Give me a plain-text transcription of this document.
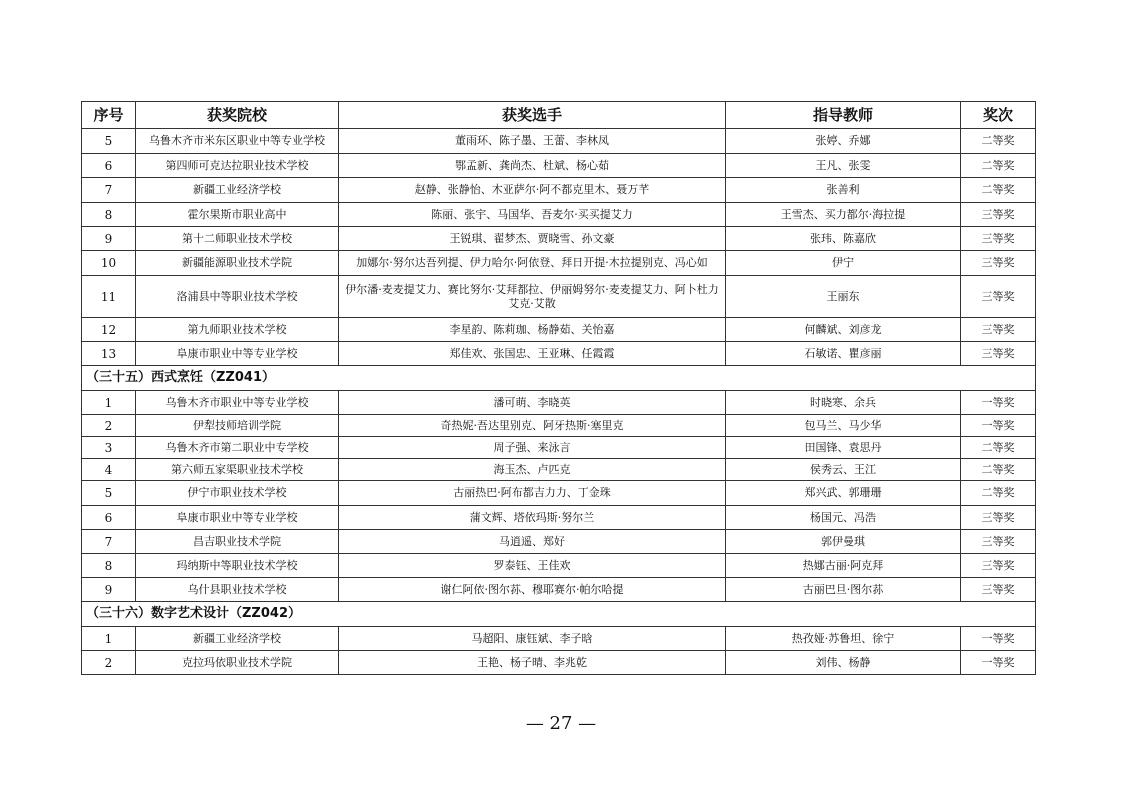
序号	获奖院校	获奖选手	指导教师	奖次
5	乌鲁木齐市米东区职业中等专业学校	董雨环、陈子墨、王蕾、李林凤	张婷、乔娜	二等奖
6	第四师可克达拉职业技术学校	鄂孟新、龚尚杰、杜斌、杨心茹	王凡、张雯	二等奖
7	新疆工业经济学校	赵静、张静怡、木亚萨尔·阿不都克里木、聂万芊	张善利	二等奖
8	霍尔果斯市职业高中	陈丽、张宇、马国华、吾麦尔·买买提艾力	王雪杰、买力都尔·海拉提	三等奖
9	第十二师职业技术学校	王锐琪、翟梦杰、贾晓雪、孙文豪	张玮、陈嘉欣	三等奖
10	新疆能源职业技术学院	加娜尔·努尔达吾列提、伊力哈尔·阿依登、拜日开提·木拉提别克、冯心如	伊宁	三等奖
11	洛浦县中等职业技术学校	伊尔潘·麦麦提艾力、赛比努尔·艾拜都拉、伊丽姆努尔·麦麦提艾力、阿卜杜力艾克·艾散	王丽东	三等奖
12	第九师职业技术学校	李星韵、陈莉珈、杨静茹、关怡嘉	何麟斌、刘彦龙	三等奖
13	阜康市职业中等专业学校	郑佳欢、张国忠、王亚琳、任霞霞	石敏诺、瞿彦丽	三等奖
（三十五）西式烹饪（ZZ041）				
1	乌鲁木齐市职业中等专业学校	潘可萌、李晓英	时晓寒、余兵	一等奖
2	伊犁技师培训学院	奇热妮·吾达里别克、阿牙热斯·塞里克	包马兰、马少华	一等奖
3	乌鲁木齐市第二职业中专学校	周子强、来泳言	田国锋、袁思丹	二等奖
4	第六师五家渠职业技术学校	海玉杰、卢匹克	侯秀云、王江	二等奖
5	伊宁市职业技术学校	古丽热巴·阿布都吉力力、丁金珠	郑兴武、郭珊珊	二等奖
6	阜康市职业中等专业学校	蒲文辉、塔依玛斯·努尔兰	杨国元、冯浩	三等奖
7	昌吉职业技术学院	马逍遥、郑好	郭伊曼琪	三等奖
8	玛纳斯中等职业技术学校	罗泰钰、王佳欢	热娜古丽·阿克拜	三等奖
9	乌什县职业技术学校	谢仁阿依·图尔荪、穆耶赛尔·帕尔哈提	古丽巴旦·图尔荪	三等奖
（三十六）数字艺术设计（ZZ042）				
1	新疆工业经济学校	马超阳、康钰斌、李子晗	热孜娅·苏鲁坦、徐宁	一等奖
2	克拉玛依职业技术学院	王艳、杨子晴、李兆乾	刘伟、杨静	一等奖
— 27 —
